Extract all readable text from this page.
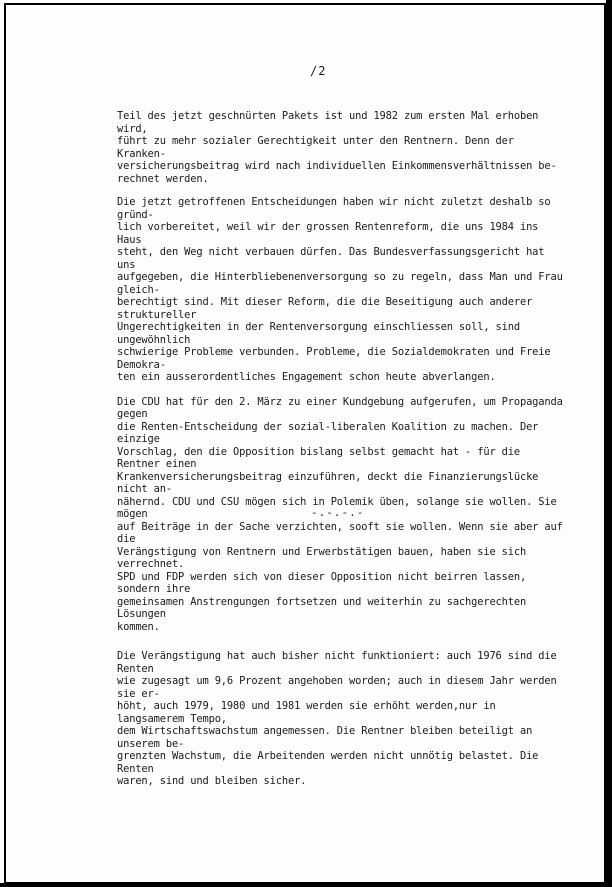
/2

Teil des jetzt geschnürten Pakets ist und 1982 zum ersten Mal erhoben wird,
führt zu mehr sozialer Gerechtigkeit unter den Rentnern. Denn der Kranken-
versicherungsbeitrag wird nach individuellen Einkommensverhältnissen be-
rechnet werden.

Die jetzt getroffenen Entscheidungen haben wir nicht zuletzt deshalb so gründ-
lich vorbereitet, weil wir der grossen Rentenreform, die uns 1984 ins Haus
steht, den Weg nicht verbauen dürfen. Das Bundesverfassungsgericht hat uns
aufgegeben, die Hinterbliebenenversorgung so zu regeln, dass Man und Frau gleich-
berechtigt sind. Mit dieser Reform, die die Beseitigung auch anderer struktureller
Ungerechtigkeiten in der Rentenversorgung einschliessen soll, sind ungewöhnlich
schwierige Probleme verbunden. Probleme, die Sozialdemokraten und Freie Demokra-
ten ein ausserordentliches Engagement schon heute abverlangen.

Die CDU hat für den 2. März zu einer Kundgebung aufgerufen, um Propaganda gegen
die Renten-Entscheidung der sozial-liberalen Koalition zu machen. Der einzige
Vorschlag, den die Opposition bislang selbst gemacht hat - für die Rentner einen
Krankenversicherungsbeitrag einzuführen, deckt die Finanzierungslücke nicht an-
nähernd. CDU und CSU mögen sich in Polemik üben, solange sie wollen. Sie mögen
auf Beiträge in der Sache verzichten, sooft sie wollen. Wenn sie aber auf die
Verängstigung von Rentnern und Erwerbstätigen bauen, haben sie sich verrechnet.
SPD und FDP werden sich von dieser Opposition nicht beirren lassen, sondern ihre
gemeinsamen Anstrengungen fortsetzen und weiterhin zu sachgerechten Lösungen
kommen.

Die Verängstigung hat auch bisher nicht funktioniert: auch 1976 sind die Renten
wie zugesagt um 9,6 Prozent angehoben worden; auch in diesem Jahr werden sie er-
höht, auch 1979, 1980 und 1981 werden sie erhöht werden,nur in langsamerem Tempo,
dem Wirtschaftswachstum angemessen. Die Rentner bleiben beteiligt an unserem be-
grenzten Wachstum, die Arbeitenden werden nicht unnötig belastet. Die Renten
waren, sind und bleiben sicher.

-.-.-.-
